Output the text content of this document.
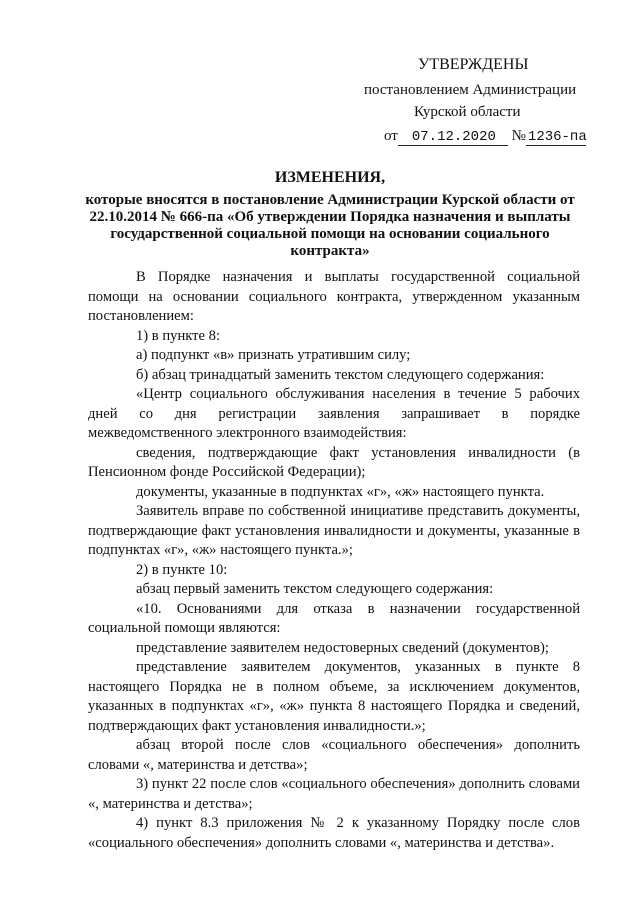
УТВЕРЖДЕНЫ
постановлением Администрации
Курской области
от 07.12.2020 № 1236-па
ИЗМЕНЕНИЯ,
которые вносятся в постановление Администрации Курской области от 22.10.2014 № 666-па «Об утверждении Порядка назначения и выплаты государственной социальной помощи на основании социального контракта»

В Порядке назначения и выплаты государственной социальной помощи на основании социального контракта, утвержденном указанным постановлением:

1) в пункте 8:

а) подпункт «в» признать утратившим силу;

б) абзац тринадцатый заменить текстом следующего содержания:

«Центр социального обслуживания населения в течение 5 рабочих дней со дня регистрации заявления запрашивает в порядке межведомственного электронного взаимодействия:

сведения, подтверждающие факт установления инвалидности (в Пенсионном фонде Российской Федерации);

документы, указанные в подпунктах «г», «ж» настоящего пункта.

Заявитель вправе по собственной инициативе представить документы, подтверждающие факт установления инвалидности и документы, указанные в подпунктах «г», «ж» настоящего пункта.»;

2) в пункте 10:

абзац первый заменить текстом следующего содержания:

«10. Основаниями для отказа в назначении государственной социальной помощи являются:

представление заявителем недостоверных сведений (документов);

представление заявителем документов, указанных в пункте 8 настоящего Порядка не в полном объеме, за исключением документов, указанных в подпунктах «г», «ж» пункта 8 настоящего Порядка и сведений, подтверждающих факт установления инвалидности.»;

абзац второй после слов «социального обеспечения» дополнить словами «, материнства и детства»;

3) пункт 22 после слов «социального обеспечения» дополнить словами «, материнства и детства»;

4) пункт 8.3 приложения № 2 к указанному Порядку после слов «социального обеспечения» дополнить словами «, материнства и детства».
